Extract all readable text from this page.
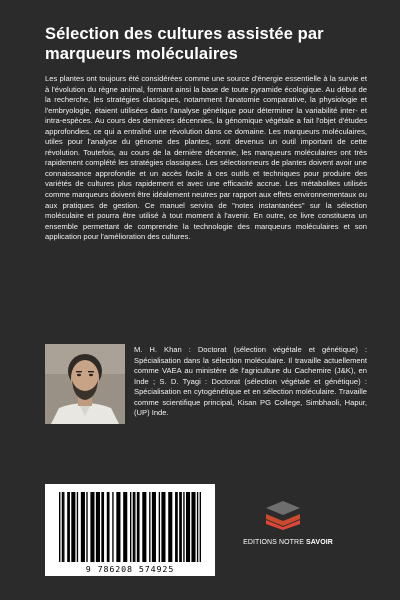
Sélection des cultures assistée par marqueurs moléculaires

Les plantes ont toujours été considérées comme une source d'énergie essentielle à la survie et à l'évolution du règne animal, formant ainsi la base de toute pyramide écologique. Au début de la recherche, les stratégies classiques, notamment l'anatomie comparative, la physiologie et l'embryologie, étaient utilisées dans l'analyse génétique pour déterminer la variabilité inter- et intra-espèces. Au cours des dernières décennies, la génomique végétale a fait l'objet d'études approfondies, ce qui a entraîné une révolution dans ce domaine. Les marqueurs moléculaires, utiles pour l'analyse du génome des plantes, sont devenus un outil important de cette révolution. Toutefois, au cours de la dernière décennie, les marqueurs moléculaires ont très rapidement complété les stratégies classiques. Les sélectionneurs de plantes doivent avoir une connaissance approfondie et un accès facile à ces outils et techniques pour produire des variétés de cultures plus rapidement et avec une efficacité accrue. Les métabolites utilisés comme marqueurs doivent être idéalement neutres par rapport aux effets environnementaux ou aux pratiques de gestion. Ce manuel servira de "notes instantanées" sur la sélection moléculaire et pourra être utilisé à tout moment à l'avenir. En outre, ce livre constituera un ensemble permettant de comprendre la technologie des marqueurs moléculaires et son application pour l'amélioration des cultures.

M. H. Khan : Doctorat (sélection végétale et génétique) : Spécialisation dans la sélection moléculaire. Il travaille actuellement comme VAEA au ministère de l'agriculture du Cachemire (J&K), en Inde ; S. D. Tyagi : Doctorat (sélection végétale et génétique) : Spécialisation en cytogénétique et en sélection moléculaire. Travaille comme scientifique principal, Kisan PG College, Simbhaoli, Hapur, (UP) Inde.

9 786208 574925
EDITIONS NOTRE SAVOIR
